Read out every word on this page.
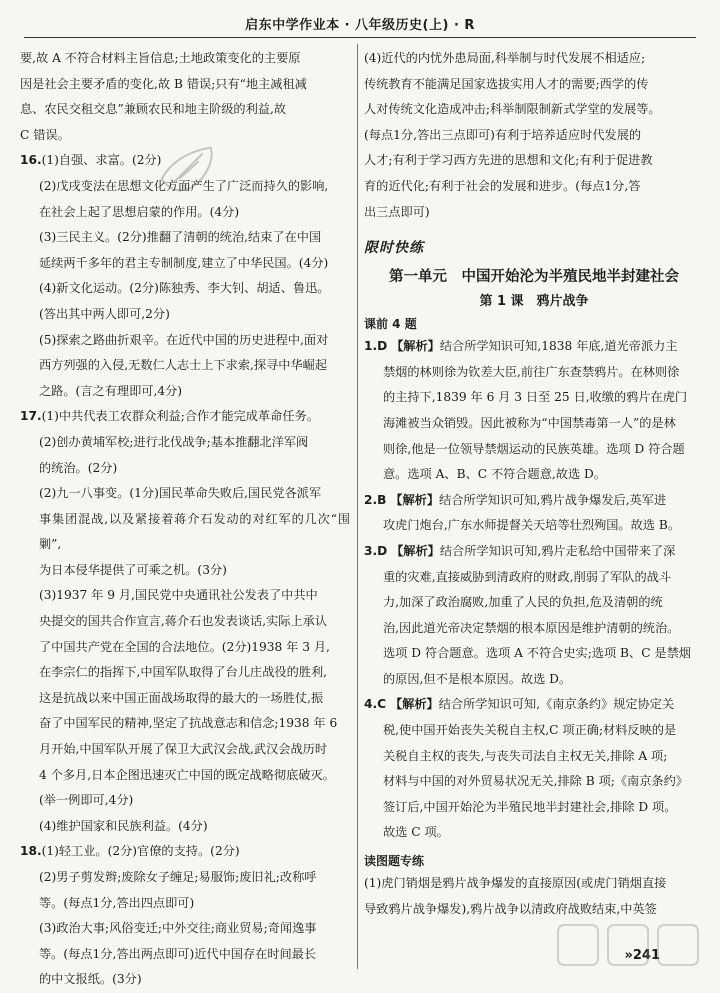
启东中学作业本 · 八年级历史(上) · R

要,故 A 不符合材料主旨信息;土地政策变化的主要原

因是社会主要矛盾的变化,故 B 错误;只有“地主减租减

息、农民交租交息”兼顾农民和地主阶级的利益,故

C 错误。

16.(1)自强、求富。(2分)

(2)戊戌变法在思想文化方面产生了广泛而持久的影响,

在社会上起了思想启蒙的作用。(4分)

(3)三民主义。(2分)推翻了清朝的统治,结束了在中国

延续两千多年的君主专制制度,建立了中华民国。(4分)

(4)新文化运动。(2分)陈独秀、李大钊、胡适、鲁迅。

(答出其中两人即可,2分)

(5)探索之路曲折艰辛。在近代中国的历史进程中,面对

西方列强的入侵,无数仁人志士上下求索,探寻中华崛起

之路。(言之有理即可,4分)

17.(1)中共代表工农群众利益;合作才能完成革命任务。

(2)创办黄埔军校;进行北伐战争;基本推翻北洋军阀

的统治。(2分)

(2)九一八事变。(1分)国民革命失败后,国民党各派军

事集团混战,以及紧接着蒋介石发动的对红军的几次“围剿”,

为日本侵华提供了可乘之机。(3分)

(3)1937 年 9 月,国民党中央通讯社公发表了中共中

央提交的国共合作宣言,蒋介石也发表谈话,实际上承认

了中国共产党在全国的合法地位。(2分)1938 年 3 月,

在李宗仁的指挥下,中国军队取得了台儿庄战役的胜利,

这是抗战以来中国正面战场取得的最大的一场胜仗,振

奋了中国军民的精神,坚定了抗战意志和信念;1938 年 6

月开始,中国军队开展了保卫大武汉会战,武汉会战历时

4 个多月,日本企图迅速灭亡中国的既定战略彻底破灭。

(举一例即可,4分)

(4)维护国家和民族利益。(4分)

18.(1)轻工业。(2分)官僚的支持。(2分)

(2)男子剪发辫;废除女子缠足;易服饰;废旧礼;改称呼

等。(每点1分,答出四点即可)

(3)政治大事;风俗变迁;中外交往;商业贸易;奇闻逸事

等。(每点1分,答出两点即可)近代中国存在时间最长

的中文报纸。(3分)

(4)近代的内忧外患局面,科举制与时代发展不相适应;

传统教育不能满足国家选拔实用人才的需要;西学的传

人对传统文化造成冲击;科举制限制新式学堂的发展等。

(每点1分,答出三点即可)有利于培养适应时代发展的

人才;有利于学习西方先进的思想和文化;有利于促进教

育的近代化;有利于社会的发展和进步。(每点1分,答

出三点即可)

限时快练
第一单元　中国开始沦为半殖民地半封建社会
第 1 课　鸦片战争
课前 4 题

1.D 【解析】结合所学知识可知,1838 年底,道光帝派力主

禁烟的林则徐为钦差大臣,前往广东查禁鸦片。在林则徐

的主持下,1839 年 6 月 3 日至 25 日,收缴的鸦片在虎门

海滩被当众销毁。因此被称为“中国禁毒第一人”的是林

则徐,他是一位领导禁烟运动的民族英雄。选项 D 符合题

意。选项 A、B、C 不符合题意,故选 D。

2.B 【解析】结合所学知识可知,鸦片战争爆发后,英军进

攻虎门炮台,广东水师提督关天培等壮烈殉国。故选 B。

3.D 【解析】结合所学知识可知,鸦片走私给中国带来了深

重的灾难,直接威胁到清政府的财政,削弱了军队的战斗

力,加深了政治腐败,加重了人民的负担,危及清朝的统

治,因此道光帝决定禁烟的根本原因是维护清朝的统治。

选项 D 符合题意。选项 A 不符合史实;选项 B、C 是禁烟

的原因,但不是根本原因。故选 D。

4.C 【解析】结合所学知识可知,《南京条约》规定协定关

税,使中国开始丧失关税自主权,C 项正确;材料反映的是

关税自主权的丧失,与丧失司法自主权无关,排除 A 项;

材料与中国的对外贸易状况无关,排除 B 项;《南京条约》

签订后,中国开始沦为半殖民地半封建社会,排除 D 项。

故选 C 项。

读图题专练

(1)虎门销烟是鸦片战争爆发的直接原因(或虎门销烟直接

导致鸦片战争爆发),鸦片战争以清政府战败结束,中英签

»241
